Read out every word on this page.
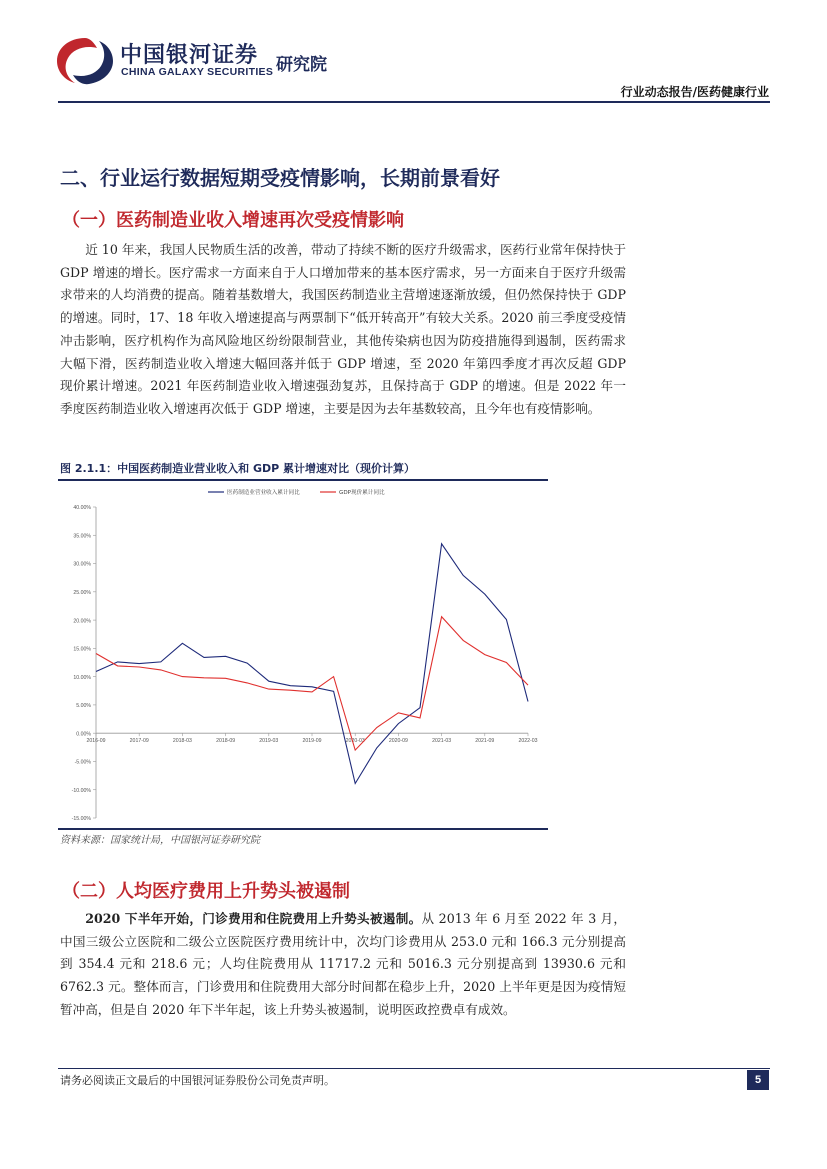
中国银河证券
CHINA GALAXY SECURITIES 研究院
行业动态报告/医药健康行业
二、行业运行数据短期受疫情影响，长期前景看好
（一）医药制造业收入增速再次受疫情影响
近 10 年来，我国人民物质生活的改善，带动了持续不断的医疗升级需求，医药行业常年保持快于 GDP 增速的增长。医疗需求一方面来自于人口增加带来的基本医疗需求，另一方面来自于医疗升级需求带来的人均消费的提高。随着基数增大，我国医药制造业主营增速逐渐放缓，但仍然保持快于 GDP 的增速。同时，17、18 年收入增速提高与两票制下“低开转高开”有较大关系。2020 前三季度受疫情冲击影响，医疗机构作为高风险地区纷纷限制营业，其他传染病也因为防疫措施得到遏制，医药需求大幅下滑，医药制造业收入增速大幅回落并低于 GDP 增速，至 2020 年第四季度才再次反超 GDP 现价累计增速。2021 年医药制造业收入增速强劲复苏，且保持高于 GDP 的增速。但是 2022 年一季度医药制造业收入增速再次低于 GDP 增速，主要是因为去年基数较高，且今年也有疫情影响。
图 2.1.1：中国医药制造业营业收入和 GDP 累计增速对比（现价计算）
40.00%
35.00%
30.00%
25.00%
20.00%
15.00%
10.00%
5.00%
0.00%
-5.00%
-10.00%
-15.00%
2016-09	2017-09	2018-03	2018-09	2019-03	2019-09	2020-03	2020-09	2021-03	2021-09	2022-03
医药制造业营业收入累计同比	GDP现价累计同比
资料来源：国家统计局，中国银河证券研究院
（二）人均医疗费用上升势头被遏制
2020 下半年开始，门诊费用和住院费用上升势头被遏制。从 2013 年 6 月至 2022 年 3 月，中国三级公立医院和二级公立医院医疗费用统计中，次均门诊费用从 253.0 元和 166.3 元分别提高到 354.4 元和 218.6 元；人均住院费用从 11717.2 元和 5016.3 元分别提高到 13930.6 元和 6762.3 元。整体而言，门诊费用和住院费用大部分时间都在稳步上升，2020 上半年更是因为疫情短暂冲高，但是自 2020 年下半年起，该上升势头被遏制，说明医政控费卓有成效。
请务必阅读正文最后的中国银河证券股份公司免责声明。	5
